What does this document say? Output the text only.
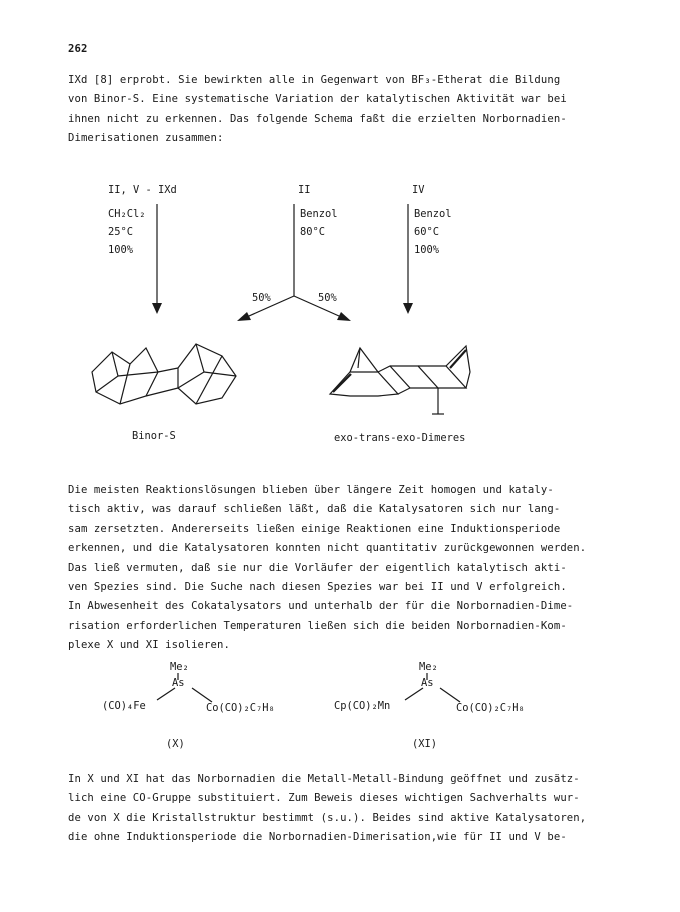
262
IXd [8] erprobt. Sie bewirkten alle in Gegenwart von BF₃-Etherat die Bildung
von Binor-S. Eine systematische Variation der katalytischen Aktivität war bei
ihnen nicht zu erkennen. Das folgende Schema faßt die erzielten Norbornadien-
Dimerisationen zusammen:
II, V - IXd
CH₂Cl₂
25°C
100%
II
Benzol
80°C
50%	50%
IV
Benzol
60°C
100%
Binor-S	exo-trans-exo-Dimeres
Die meisten Reaktionslösungen blieben über längere Zeit homogen und kataly-
tisch aktiv, was darauf schließen läßt, daß die Katalysatoren sich nur lang-
sam zersetzten. Andererseits ließen einige Reaktionen eine Induktionsperiode
erkennen, und die Katalysatoren konnten nicht quantitativ zurückgewonnen werden.
Das ließ vermuten, daß sie nur die Vorläufer der eigentlich katalytisch akti-
ven Spezies sind. Die Suche nach diesen Spezies war bei II und V erfolgreich.
In Abwesenheit des Cokatalysators und unterhalb der für die Norbornadien-Dime-
risation erforderlichen Temperaturen ließen sich die beiden Norbornadien-Kom-
plexe X und XI isolieren.
Me₂
As
(CO)₄Fe	Co(CO)₂C₇H₈
(X)
Me₂
As
Cp(CO)₂Mn	Co(CO)₂C₇H₈
(XI)
In X und XI hat das Norbornadien die Metall-Metall-Bindung geöffnet und zusätz-
lich eine CO-Gruppe substituiert. Zum Beweis dieses wichtigen Sachverhalts wur-
de von X die Kristallstruktur bestimmt (s.u.). Beides sind aktive Katalysatoren,
die ohne Induktionsperiode die Norbornadien-Dimerisation,wie für II und V be-
